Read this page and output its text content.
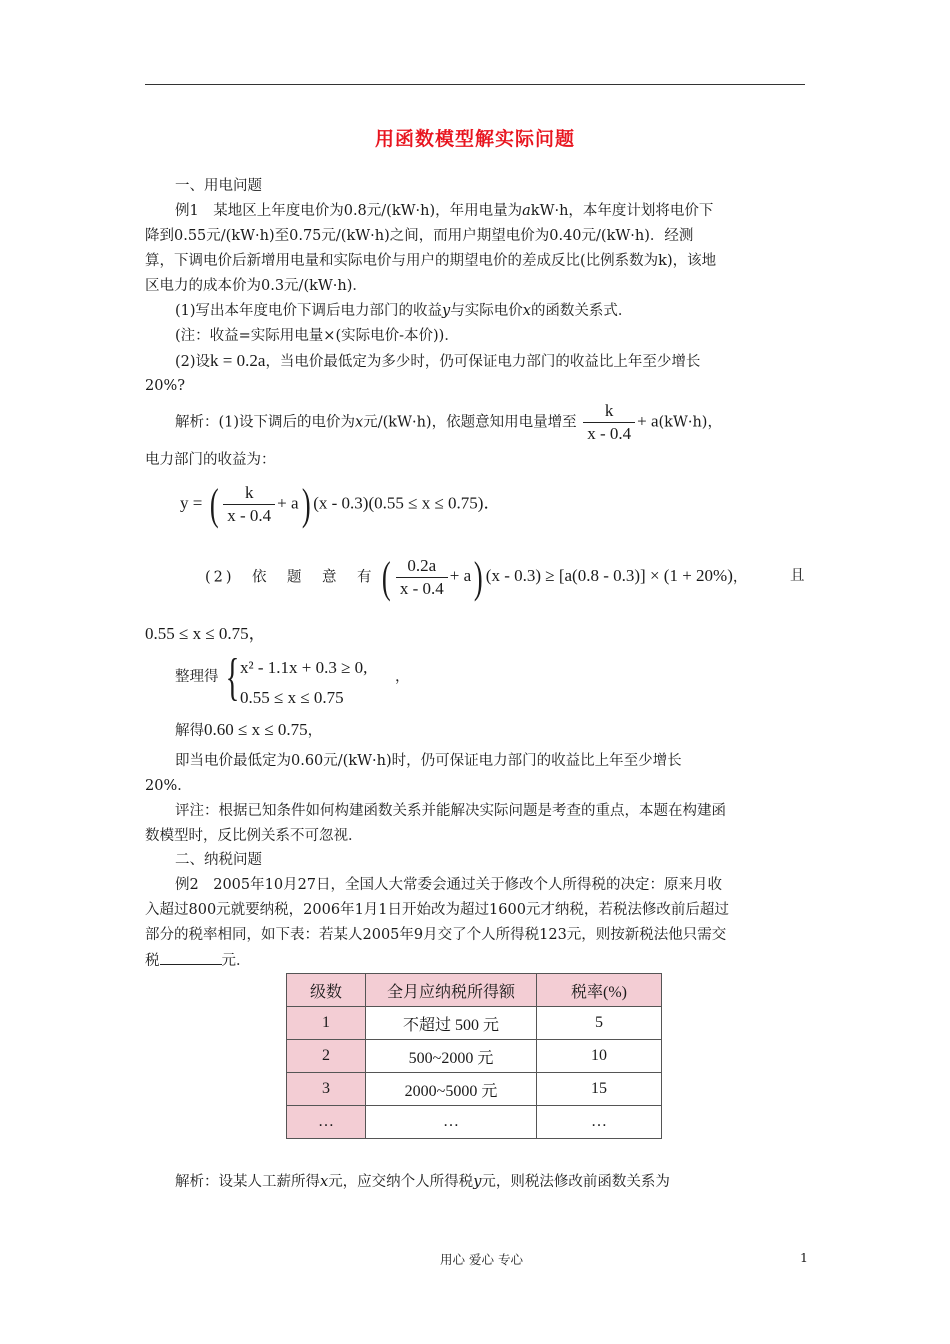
用函数模型解实际问题
一、用电问题
例1　某地区上年度电价为0.8元/(kW·h)，年用电量为akW·h，本年度计划将电价下
降到0.55元/(kW·h)至0.75元/(kW·h)之间，而用户期望电价为0.40元/(kW·h)．经测
算，下调电价后新增用电量和实际电价与用户的期望电价的差成反比(比例系数为k)，该地
区电力的成本价为0.3元/(kW·h)．
(1)写出本年度电价下调后电力部门的收益y与实际电价x的函数关系式．
(注：收益=实际用电量×(实际电价-本价))．
(2)设k = 0.2a，当电价最低定为多少时，仍可保证电力部门的收益比上年至少增长
20%?
解析：(1)设下调后的电价为x元/(kW·h)，依题意知用电量增至 $\frac{k}{x - 0.4} + a(kW\cdot h)$，
电力部门的收益为：
y = ( $\frac{k}{x - 0.4} + a$) (x - 0.3)(0.55 ≤ x ≤ 0.75)．
(2)　依　题　意　有 ( $\frac{0.2a}{x - 0.4} + a$) (x - 0.3) ≥ [a(0.8 - 0.3)] × (1 + 20%)，	且
0.55 ≤ x ≤ 0.75，
整理得 { x² - 1.1x + 0.3 ≥ 0,
0.55 ≤ x ≤ 0.75
，
解得0.60 ≤ x ≤ 0.75，
即当电价最低定为0.60元/(kW·h)时，仍可保证电力部门的收益比上年至少增长
20%．
评注：根据已知条件如何构建函数关系并能解决实际问题是考查的重点，本题在构建函
数模型时，反比例关系不可忽视．
二、纳税问题
例2　2005年10月27日，全国人大常委会通过关于修改个人所得税的决定：原来月收
入超过800元就要纳税，2006年1月1日开始改为超过1600元才纳税，若税法修改前后超过
部分的税率相同，如下表：若某人2005年9月交了个人所得税123元，则按新税法他只需交
税	元．
级数	全月应纳税所得额	税率(%)
1	不超过 500 元	5
2	500~2000 元	10
3	2000~5000 元	15
…	…	…
解析：设某人工薪所得x元，应交纳个人所得税y元，则税法修改前函数关系为
用心 爱心 专心	1
